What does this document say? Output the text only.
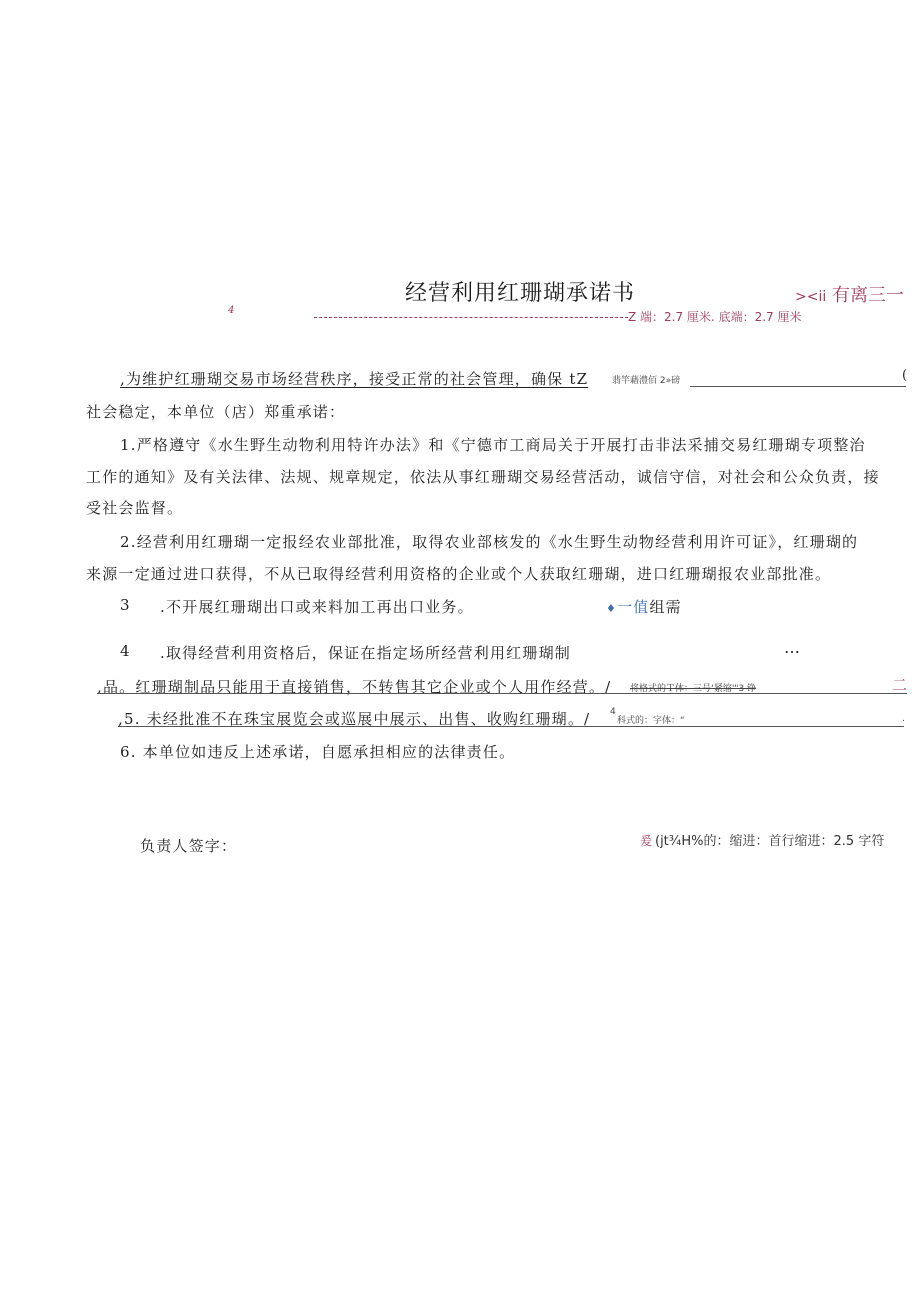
经营利用红珊瑚承诺书	><ii 有离三一
4	Z 端：2.7 厘米. 底端：2.7 厘米
,为维护红珊瑚交易市场经营秩序，接受正常的社会管理，确保 tZ	翡竿藉澧佰 2»磅	(
社会稳定，本单位（店）郑重承诺：
1.严格遵守《水生野生动物利用特许办法》和《宁德市工商局关于开展打击非法采捕交易红珊瑚专项整治
工作的通知》及有关法律、法规、规章规定，依法从事红珊瑚交易经营活动，诚信守信，对社会和公众负责，接
受社会监督。
2.经营利用红珊瑚一定报经农业部批准，取得农业部核发的《水生野生动物经营利用许可证》，红珊瑚的
来源一定通过进口获得，不从已取得经营利用资格的企业或个人获取红珊瑚，进口红珊瑚报农业部批准。
3 .不开展红珊瑚出口或来料加工再出口业务。	♦一值组需
4 .取得经营利用资格后，保证在指定场所经营利用红珊瑚制	…
,品。红珊瑚制品只能用于直接销售，不转售其它企业或个人用作经营。/ 将格式的Ｔ体：三号‘紧缩'"3 铮	二
,5. 未经批准不在珠宝展览会或巡展中展示、出售、收购红珊瑚。/ 4
科式的：字体：“	.
6. 本单位如违反上述承诺，自愿承担相应的法律责任。
负责人签字：	爰 (jt¾H%的：缩进：首行缩进：2.5 字符
